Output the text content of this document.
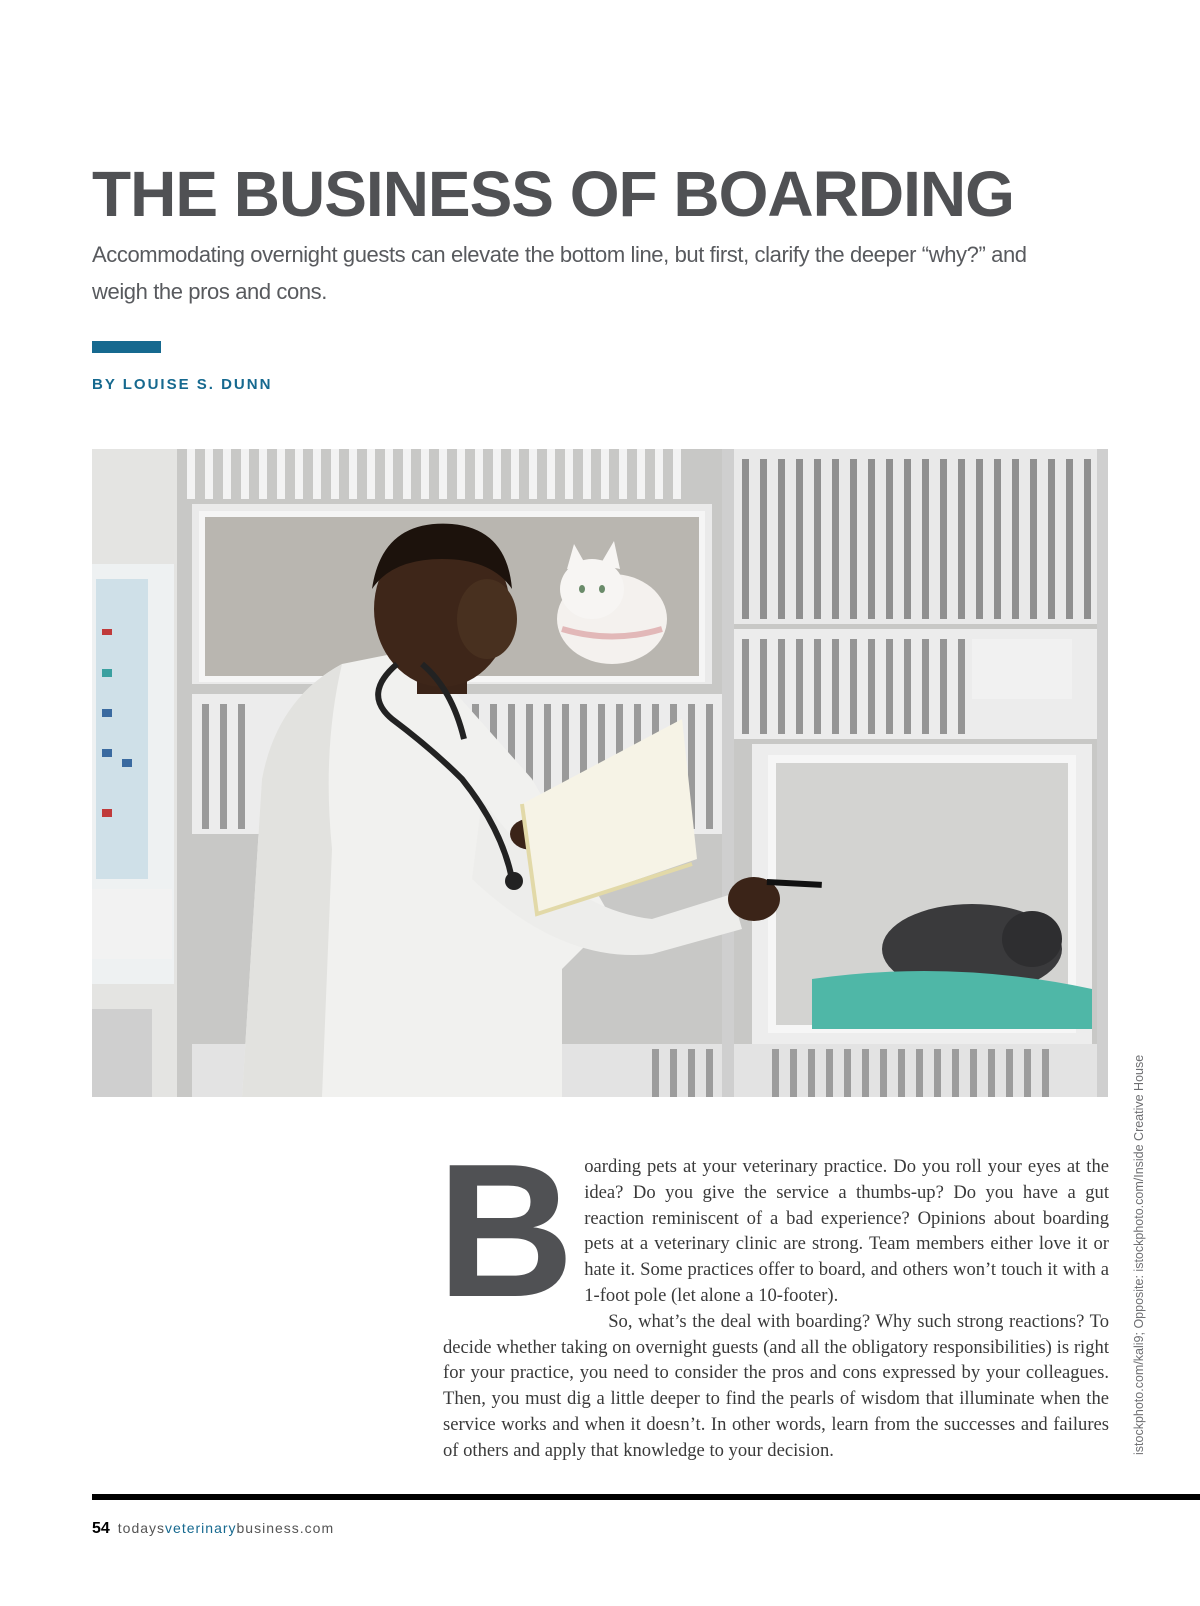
THE BUSINESS OF BOARDING

Accommodating overnight guests can elevate the bottom line, but first, clarify the deeper “why?” and weigh the pros and cons.

BY LOUISE S. DUNN

istockphoto.com/kali9; Opposite: istockphoto.com/Inside Creative House

Boarding pets at your veterinary practice. Do you roll your eyes at the idea? Do you give the service a thumbs-up? Do you have a gut reaction reminiscent of a bad experience? Opinions about boarding pets at a veterinary clinic are strong. Team members either love it or hate it. Some practices offer to board, and others won’t touch it with a 1-foot pole (let alone a 10-footer).

So, what’s the deal with boarding? Why such strong reactions? To decide whether taking on overnight guests (and all the obligatory responsibilities) is right for your practice, you need to consider the pros and cons expressed by your colleagues. Then, you must dig a little deeper to find the pearls of wisdom that illuminate when the service works and when it doesn’t. In other words, learn from the successes and failures of others and apply that knowledge to your decision.

54 todaysveterinarybusiness.com
